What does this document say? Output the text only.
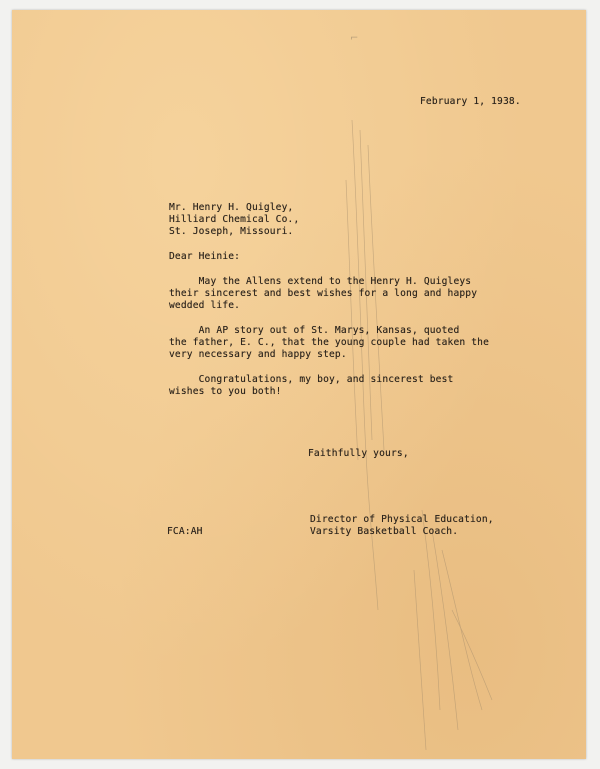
⌐
February 1, 1938.
Mr. Henry H. Quigley,
Hilliard Chemical Co.,
St. Joseph, Missouri.
Dear Heinie:
May the Allens extend to the Henry H. Quigleys
their sincerest and best wishes for a long and happy
wedded life.
An AP story out of St. Marys, Kansas, quoted
the father, E. C., that the young couple had taken the
very necessary and happy step.
Congratulations, my boy, and sincerest best
wishes to you both!
Faithfully yours,
Director of Physical Education,
Varsity Basketball Coach.
FCA:AH
